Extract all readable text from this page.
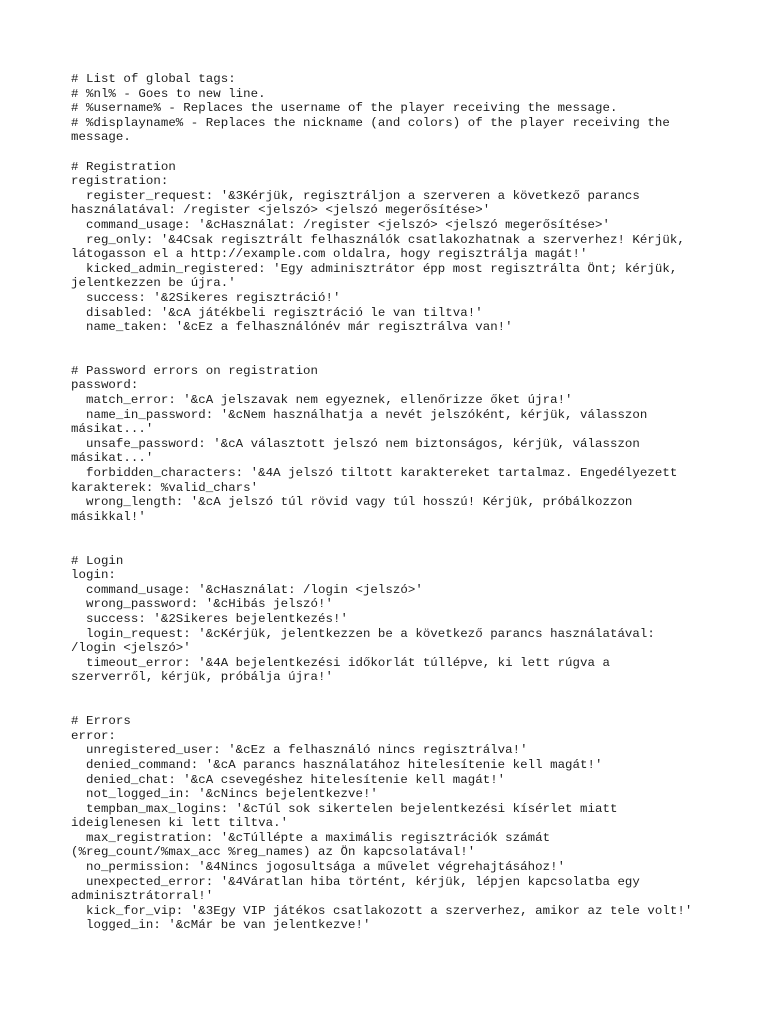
# List of global tags:
# %nl% - Goes to new line.
# %username% - Replaces the username of the player receiving the message.
# %displayname% - Replaces the nickname (and colors) of the player receiving the
message.
# Registration
registration:
register_request: '&3Kérjük, regisztráljon a szerveren a következő parancs
használatával: /register <jelszó> <jelszó megerősítése>'
command_usage: '&cHasználat: /register <jelszó> <jelszó megerősítése>'
reg_only: '&4Csak regisztrált felhasználók csatlakozhatnak a szerverhez! Kérjük,
látogasson el a http://example.com oldalra, hogy regisztrálja magát!'
kicked_admin_registered: 'Egy adminisztrátor épp most regisztrálta Önt; kérjük,
jelentkezzen be újra.'
success: '&2Sikeres regisztráció!'
disabled: '&cA játékbeli regisztráció le van tiltva!'
name_taken: '&cEz a felhasználónév már regisztrálva van!'
# Password errors on registration
password:
match_error: '&cA jelszavak nem egyeznek, ellenőrizze őket újra!'
name_in_password: '&cNem használhatja a nevét jelszóként, kérjük, válasszon
másikat...'
unsafe_password: '&cA választott jelszó nem biztonságos, kérjük, válasszon
másikat...'
forbidden_characters: '&4A jelszó tiltott karaktereket tartalmaz. Engedélyezett
karakterek: %valid_chars'
wrong_length: '&cA jelszó túl rövid vagy túl hosszú! Kérjük, próbálkozzon
másikkal!'
# Login
login:
command_usage: '&cHasználat: /login <jelszó>'
wrong_password: '&cHibás jelszó!'
success: '&2Sikeres bejelentkezés!'
login_request: '&cKérjük, jelentkezzen be a következő parancs használatával:
/login <jelszó>'
timeout_error: '&4A bejelentkezési időkorlát túllépve, ki lett rúgva a
szerverről, kérjük, próbálja újra!'
# Errors
error:
unregistered_user: '&cEz a felhasználó nincs regisztrálva!'
denied_command: '&cA parancs használatához hitelesítenie kell magát!'
denied_chat: '&cA csevegéshez hitelesítenie kell magát!'
not_logged_in: '&cNincs bejelentkezve!'
tempban_max_logins: '&cTúl sok sikertelen bejelentkezési kísérlet miatt
ideiglenesen ki lett tiltva.'
max_registration: '&cTúllépte a maximális regisztrációk számát
(%reg_count/%max_acc %reg_names) az Ön kapcsolatával!'
no_permission: '&4Nincs jogosultsága a művelet végrehajtásához!'
unexpected_error: '&4Váratlan hiba történt, kérjük, lépjen kapcsolatba egy
adminisztrátorral!'
kick_for_vip: '&3Egy VIP játékos csatlakozott a szerverhez, amikor az tele volt!'
logged_in: '&cMár be van jelentkezve!'
